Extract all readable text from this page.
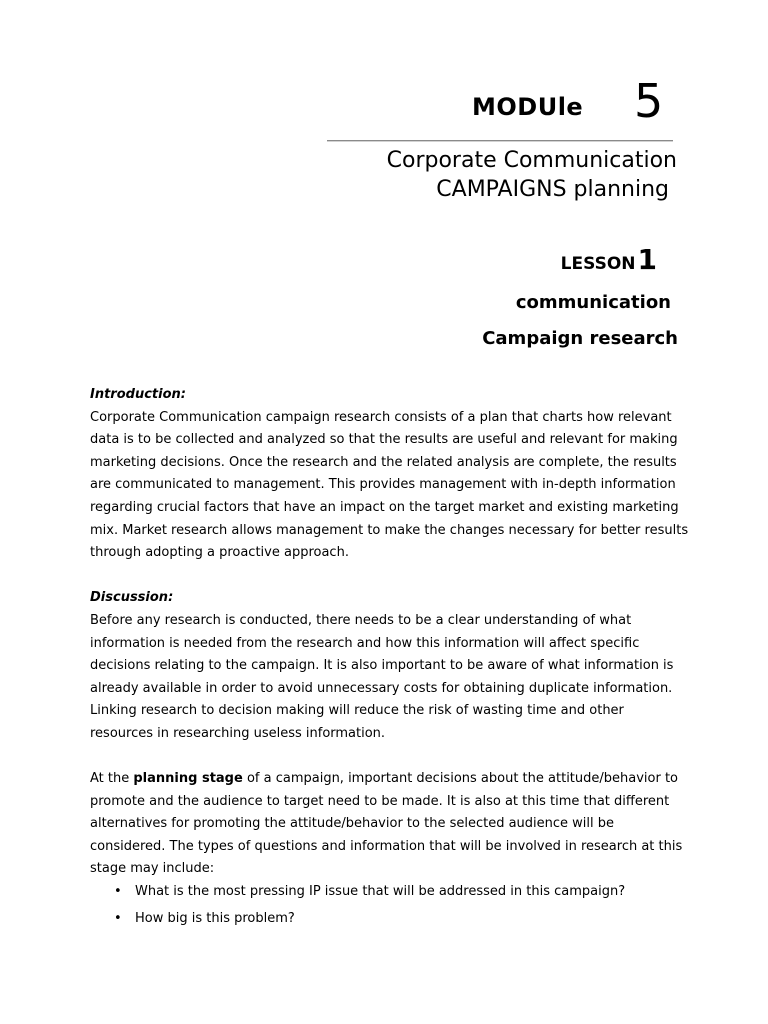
MODUle 5
Corporate Communication
CAMPAIGNS planning
LESSON1
communication
Campaign research

Introduction:

Corporate Communication campaign research consists of a plan that charts how relevant data is to be collected and analyzed so that the results are useful and relevant for making marketing decisions. Once the research and the related analysis are complete, the results are communicated to management. This provides management with in-depth information regarding crucial factors that have an impact on the target market and existing marketing mix. Market research allows management to make the changes necessary for better results through adopting a proactive approach.

Discussion:

Before any research is conducted, there needs to be a clear understanding of what information is needed from the research and how this information will affect specific decisions relating to the campaign. It is also important to be aware of what information is already available in order to avoid unnecessary costs for obtaining duplicate information. Linking research to decision making will reduce the risk of wasting time and other resources in researching useless information.

At the planning stage of a campaign, important decisions about the attitude/behavior to promote and the audience to target need to be made. It is also at this time that different alternatives for promoting the attitude/behavior to the selected audience will be considered. The types of questions and information that will be involved in research at this stage may include:

• What is the most pressing IP issue that will be addressed in this campaign?
• How big is this problem?
